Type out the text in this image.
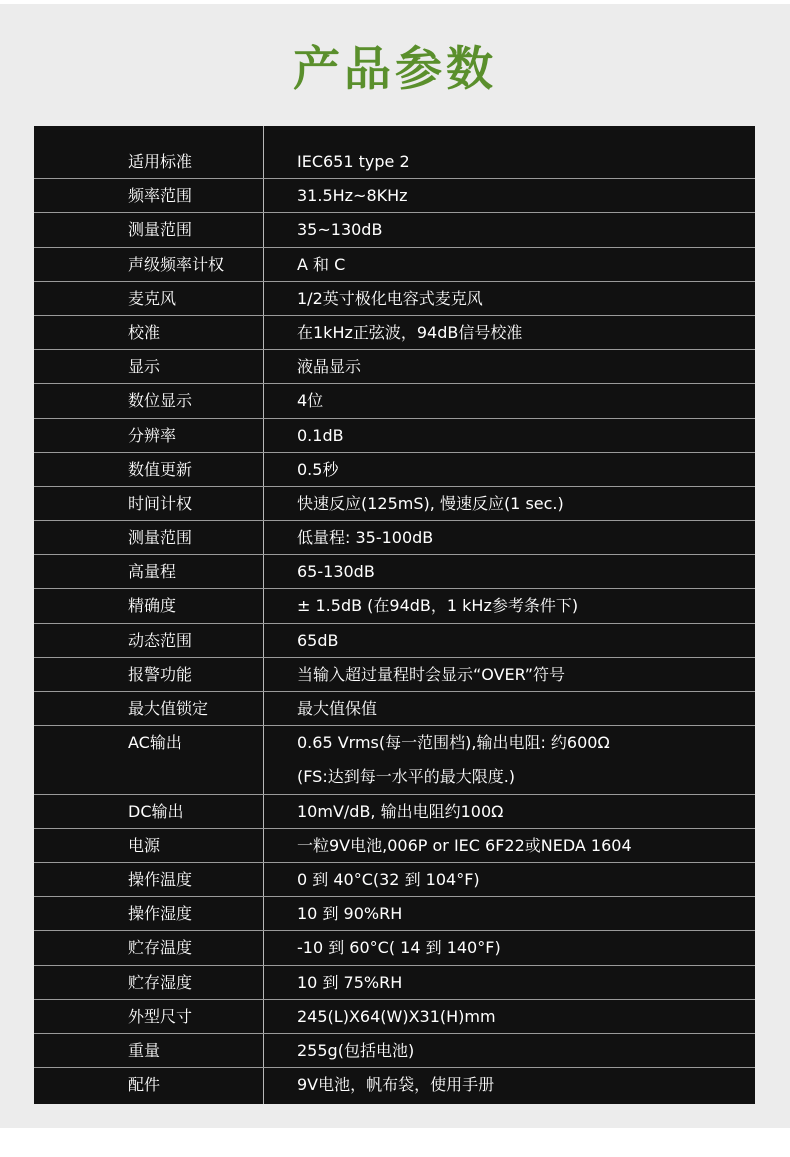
产品参数
适用标准	IEC651 type 2
频率范围	31.5Hz~8KHz
测量范围	35~130dB
声级频率计权	A 和 C
麦克风	1/2英寸极化电容式麦克风
校准	在1kHz正弦波，94dB信号校准
显示	液晶显示
数位显示	4位
分辨率	0.1dB
数值更新	0.5秒
时间计权	快速反应(125mS), 慢速反应(1 sec.)
测量范围	低量程: 35-100dB
高量程	65-130dB
精确度	± 1.5dB (在94dB，1 kHz参考条件下)
动态范围	65dB
报警功能	当输入超过量程时会显示“OVER”符号
最大值锁定	最大值保值
AC输出	0.65 Vrms(每一范围档),输出电阻: 约600Ω
(FS:达到每一水平的最大限度.)
DC输出	10mV/dB, 输出电阻约100Ω
电源	一粒9V电池,006P or IEC 6F22或NEDA 1604
操作温度	0 到 40°C(32 到 104°F)
操作湿度	10 到 90%RH
贮存温度	-10 到 60°C( 14 到 140°F)
贮存湿度	10 到 75%RH
外型尺寸	245(L)X64(W)X31(H)mm
重量	255g(包括电池)
配件	9V电池，帆布袋，使用手册
